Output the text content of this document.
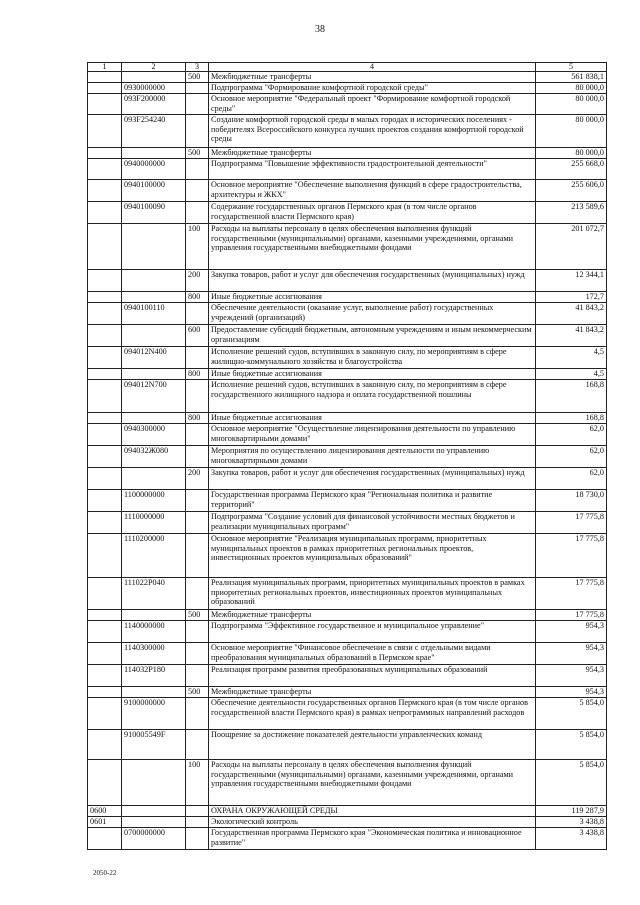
38
1	2	3	4	5
		500	Межбюджетные трансферты	561 838,1
	0930000000		Подпрограмма "Формирование комфортной городской среды"	80 000,0
	093F200000		Основное мероприятие "Федеральный проект "Формирование комфортной городской среды"	80 000,0
	093F254240		Создание комфортной городской среды в малых городах и исторических поселениях - победителях Всероссийского конкурса лучших проектов создания комфортной городской среды	80 000,0
		500	Межбюджетные трансферты	80 000,0
	0940000000		Подпрограмма "Повышение эффективности градостроительной деятельности"	255 668,0
	0940100000		Основное мероприятие "Обеспечение выполнения функций в сфере градостроительства, архитектуры и ЖКХ"	255 606,0
	0940100090		Содержание государственных органов Пермского края (в том числе органов государственной власти Пермского края)	213 589,6
		100	Расходы на выплаты персоналу в целях обеспечения выполнения функций государственными (муниципальными) органами, казенными учреждениями, органами управления государственными внебюджетными фондами	201 072,7
		200	Закупка товаров, работ и услуг для обеспечения государственных (муниципальных) нужд	12 344,1
		800	Иные бюджетные ассигнования	172,7
	0940100110		Обеспечение деятельности (оказание услуг, выполнение работ) государственных учреждений (организаций)	41 843,2
		600	Предоставление субсидий бюджетным, автономным учреждениям и иным некоммерческим организациям	41 843,2
	094012N400		Исполнение решений судов, вступивших в законную силу, по мероприятиям в сфере жилищно-коммунального хозяйства и благоустройства	4,5
		800	Иные бюджетные ассигнования	4,5
	094012N700		Исполнение решений судов, вступивших в законную силу, по мероприятиям в сфере государственного жилищного надзора и оплата государственной пошлины	168,8
		800	Иные бюджетные ассигнования	168,8
	0940300000		Основное мероприятие "Осуществление лицензирования деятельности по управлению многоквартирными домами"	62,0
	094032Ж080		Мероприятия по осуществлению лицензирования деятельности по управлению многоквартирными домами	62,0
		200	Закупка товаров, работ и услуг для обеспечения государственных (муниципальных) нужд	62,0
	1100000000		Государственная программа Пермского края "Региональная политика и развитие территорий"	18 730,0
	1110000000		Подпрограмма "Создание условий для финансовой устойчивости местных бюджетов и реализации муниципальных программ"	17 775,8
	1110200000		Основное мероприятие "Реализация муниципальных программ, приоритетных муниципальных проектов в рамках приоритетных региональных проектов, инвестиционных проектов муниципальных образований"	17 775,8
	111022P040		Реализация муниципальных программ, приоритетных муниципальных проектов в рамках приоритетных региональных проектов, инвестиционных проектов муниципальных образований	17 775,8
		500	Межбюджетные трансферты	17 775,8
	1140000000		Подпрограмма "Эффективное государственное и муниципальное управление"	954,3
	1140300000		Основное мероприятие "Финансовое обеспечение в связи с отдельными видами преобразования муниципальных образований в Пермском крае"	954,3
	114032P180		Реализация программ развития преобразованных муниципальных образований	954,3
		500	Межбюджетные трансферты	954,3
	9100000000		Обеспечение деятельности государственных органов Пермского края (в том числе органов государственной власти Пермского края) в рамках непрограммных направлений расходов	5 854,0
	910005549F		Поощрение за достижение показателей деятельности управленческих команд	5 854,0
		100	Расходы на выплаты персоналу в целях обеспечения выполнения функций государственными (муниципальными) органами, казенными учреждениями, органами управления государственными внебюджетными фондами	5 854,0
0600			ОХРАНА ОКРУЖАЮЩЕЙ СРЕДЫ	119 287,9
0601			Экологический контроль	3 438,8
	0700000000		Государственная программа Пермского края "Экономическая политика и инновационное развитие"	3 438,8
2050-22
